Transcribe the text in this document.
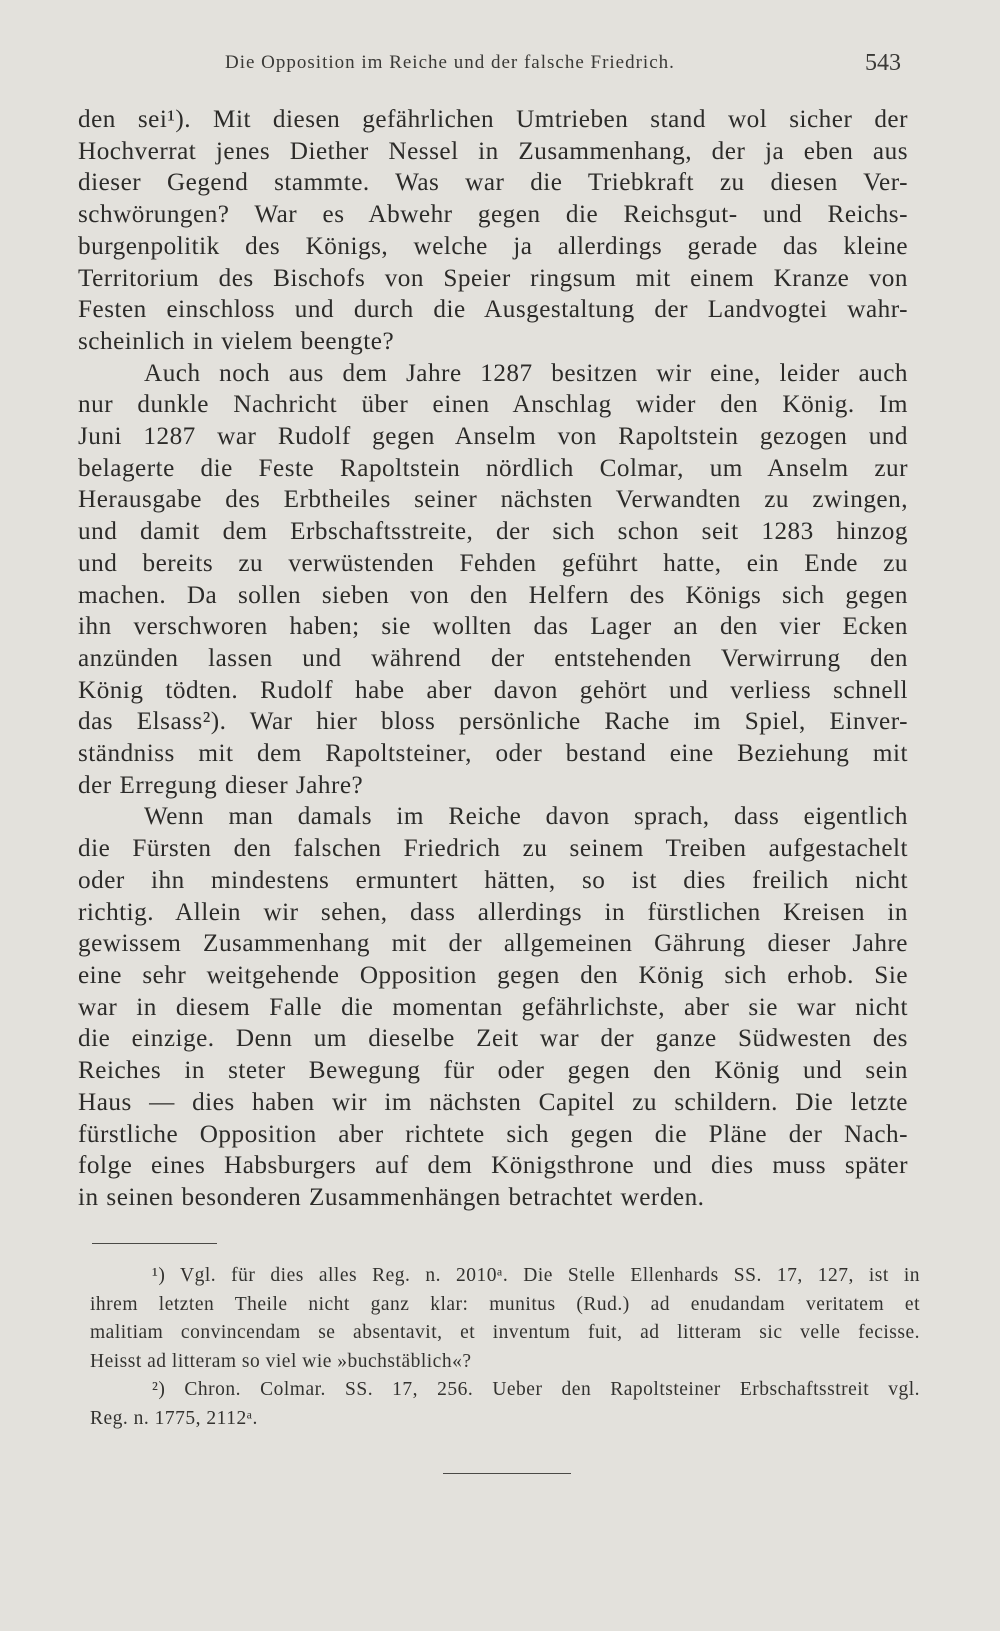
Die Opposition im Reiche und der falsche Friedrich.	543

den sei¹). Mit diesen gefährlichen Umtrieben stand wol sicher der
Hochverrat jenes Diether Nessel in Zusammenhang, der ja eben aus
dieser Gegend stammte. Was war die Triebkraft zu diesen Ver-
schwörungen? War es Abwehr gegen die Reichsgut- und Reichs-
burgenpolitik des Königs, welche ja allerdings gerade das kleine
Territorium des Bischofs von Speier ringsum mit einem Kranze von
Festen einschloss und durch die Ausgestaltung der Landvogtei wahr-
scheinlich in vielem beengte?

Auch noch aus dem Jahre 1287 besitzen wir eine, leider auch
nur dunkle Nachricht über einen Anschlag wider den König. Im
Juni 1287 war Rudolf gegen Anselm von Rapoltstein gezogen und
belagerte die Feste Rapoltstein nördlich Colmar, um Anselm zur
Herausgabe des Erbtheiles seiner nächsten Verwandten zu zwingen,
und damit dem Erbschaftsstreite, der sich schon seit 1283 hinzog
und bereits zu verwüstenden Fehden geführt hatte, ein Ende zu
machen. Da sollen sieben von den Helfern des Königs sich gegen
ihn verschworen haben; sie wollten das Lager an den vier Ecken
anzünden lassen und während der entstehenden Verwirrung den
König tödten. Rudolf habe aber davon gehört und verliess schnell
das Elsass²). War hier bloss persönliche Rache im Spiel, Einver-
ständniss mit dem Rapoltsteiner, oder bestand eine Beziehung mit
der Erregung dieser Jahre?

Wenn man damals im Reiche davon sprach, dass eigentlich
die Fürsten den falschen Friedrich zu seinem Treiben aufgestachelt
oder ihn mindestens ermuntert hätten, so ist dies freilich nicht
richtig. Allein wir sehen, dass allerdings in fürstlichen Kreisen in
gewissem Zusammenhang mit der allgemeinen Gährung dieser Jahre
eine sehr weitgehende Opposition gegen den König sich erhob. Sie
war in diesem Falle die momentan gefährlichste, aber sie war nicht
die einzige. Denn um dieselbe Zeit war der ganze Südwesten des
Reiches in steter Bewegung für oder gegen den König und sein
Haus — dies haben wir im nächsten Capitel zu schildern. Die letzte
fürstliche Opposition aber richtete sich gegen die Pläne der Nach-
folge eines Habsburgers auf dem Königsthrone und dies muss später
in seinen besonderen Zusammenhängen betrachtet werden.

¹) Vgl. für dies alles Reg. n. 2010ᵃ. Die Stelle Ellenhards SS. 17, 127, ist in
ihrem letzten Theile nicht ganz klar: munitus (Rud.) ad enudandam veritatem et
malitiam convincendam se absentavit, et inventum fuit, ad litteram sic velle fecisse.
Heisst ad litteram so viel wie »buchstäblich«?
²) Chron. Colmar. SS. 17, 256. Ueber den Rapoltsteiner Erbschaftsstreit vgl.
Reg. n. 1775, 2112ᵃ.
